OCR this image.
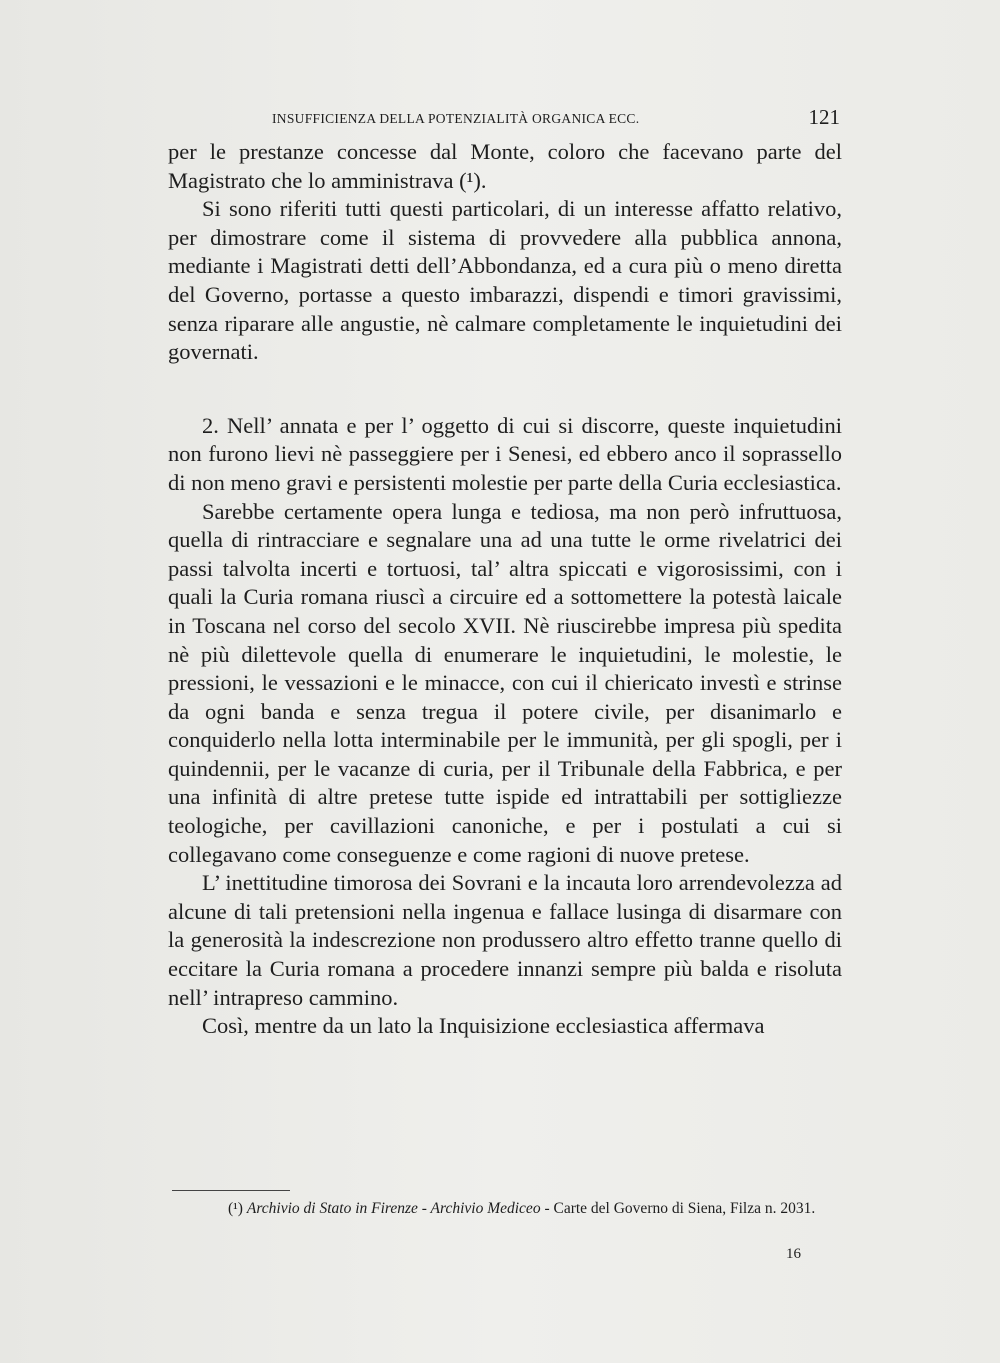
INSUFFICIENZA DELLA POTENZIALITÀ ORGANICA ECC.	121

per le prestanze concesse dal Monte, coloro che facevano parte del Magistrato che lo amministrava (¹).

Si sono riferiti tutti questi particolari, di un interesse affatto relativo, per dimostrare come il sistema di provvedere alla pubblica annona, mediante i Magistrati detti dell’Abbondanza, ed a cura più o meno diretta del Governo, portasse a questo imbarazzi, dispendi e timori gravissimi, senza riparare alle angustie, nè calmare completamente le inquietudini dei governati.

2. Nell’ annata e per l’ oggetto di cui si discorre, queste inquietudini non furono lievi nè passeggiere per i Senesi, ed ebbero anco il soprassello di non meno gravi e persistenti molestie per parte della Curia ecclesiastica.

Sarebbe certamente opera lunga e tediosa, ma non però infruttuosa, quella di rintracciare e segnalare una ad una tutte le orme rivelatrici dei passi talvolta incerti e tortuosi, tal’ altra spiccati e vigorosissimi, con i quali la Curia romana riuscì a circuire ed a sottomettere la potestà laicale in Toscana nel corso del secolo XVII. Nè riuscirebbe impresa più spedita nè più dilettevole quella di enumerare le inquietudini, le molestie, le pressioni, le vessazioni e le minacce, con cui il chiericato investì e strinse da ogni banda e senza tregua il potere civile, per disanimarlo e conquiderlo nella lotta interminabile per le immunità, per gli spogli, per i quindennii, per le vacanze di curia, per il Tribunale della Fabbrica, e per una infinità di altre pretese tutte ispide ed intrattabili per sottigliezze teologiche, per cavillazioni canoniche, e per i postulati a cui si collegavano come conseguenze e come ragioni di nuove pretese.

L’ inettitudine timorosa dei Sovrani e la incauta loro arrendevolezza ad alcune di tali pretensioni nella ingenua e fallace lusinga di disarmare con la generosità la indescrezione non produssero altro effetto tranne quello di eccitare la Curia romana a procedere innanzi sempre più balda e risoluta nell’ intrapreso cammino.

Così, mentre da un lato la Inquisizione ecclesiastica affermava

(¹) Archivio di Stato in Firenze - Archivio Mediceo - Carte del Governo di Siena, Filza n. 2031.

16
